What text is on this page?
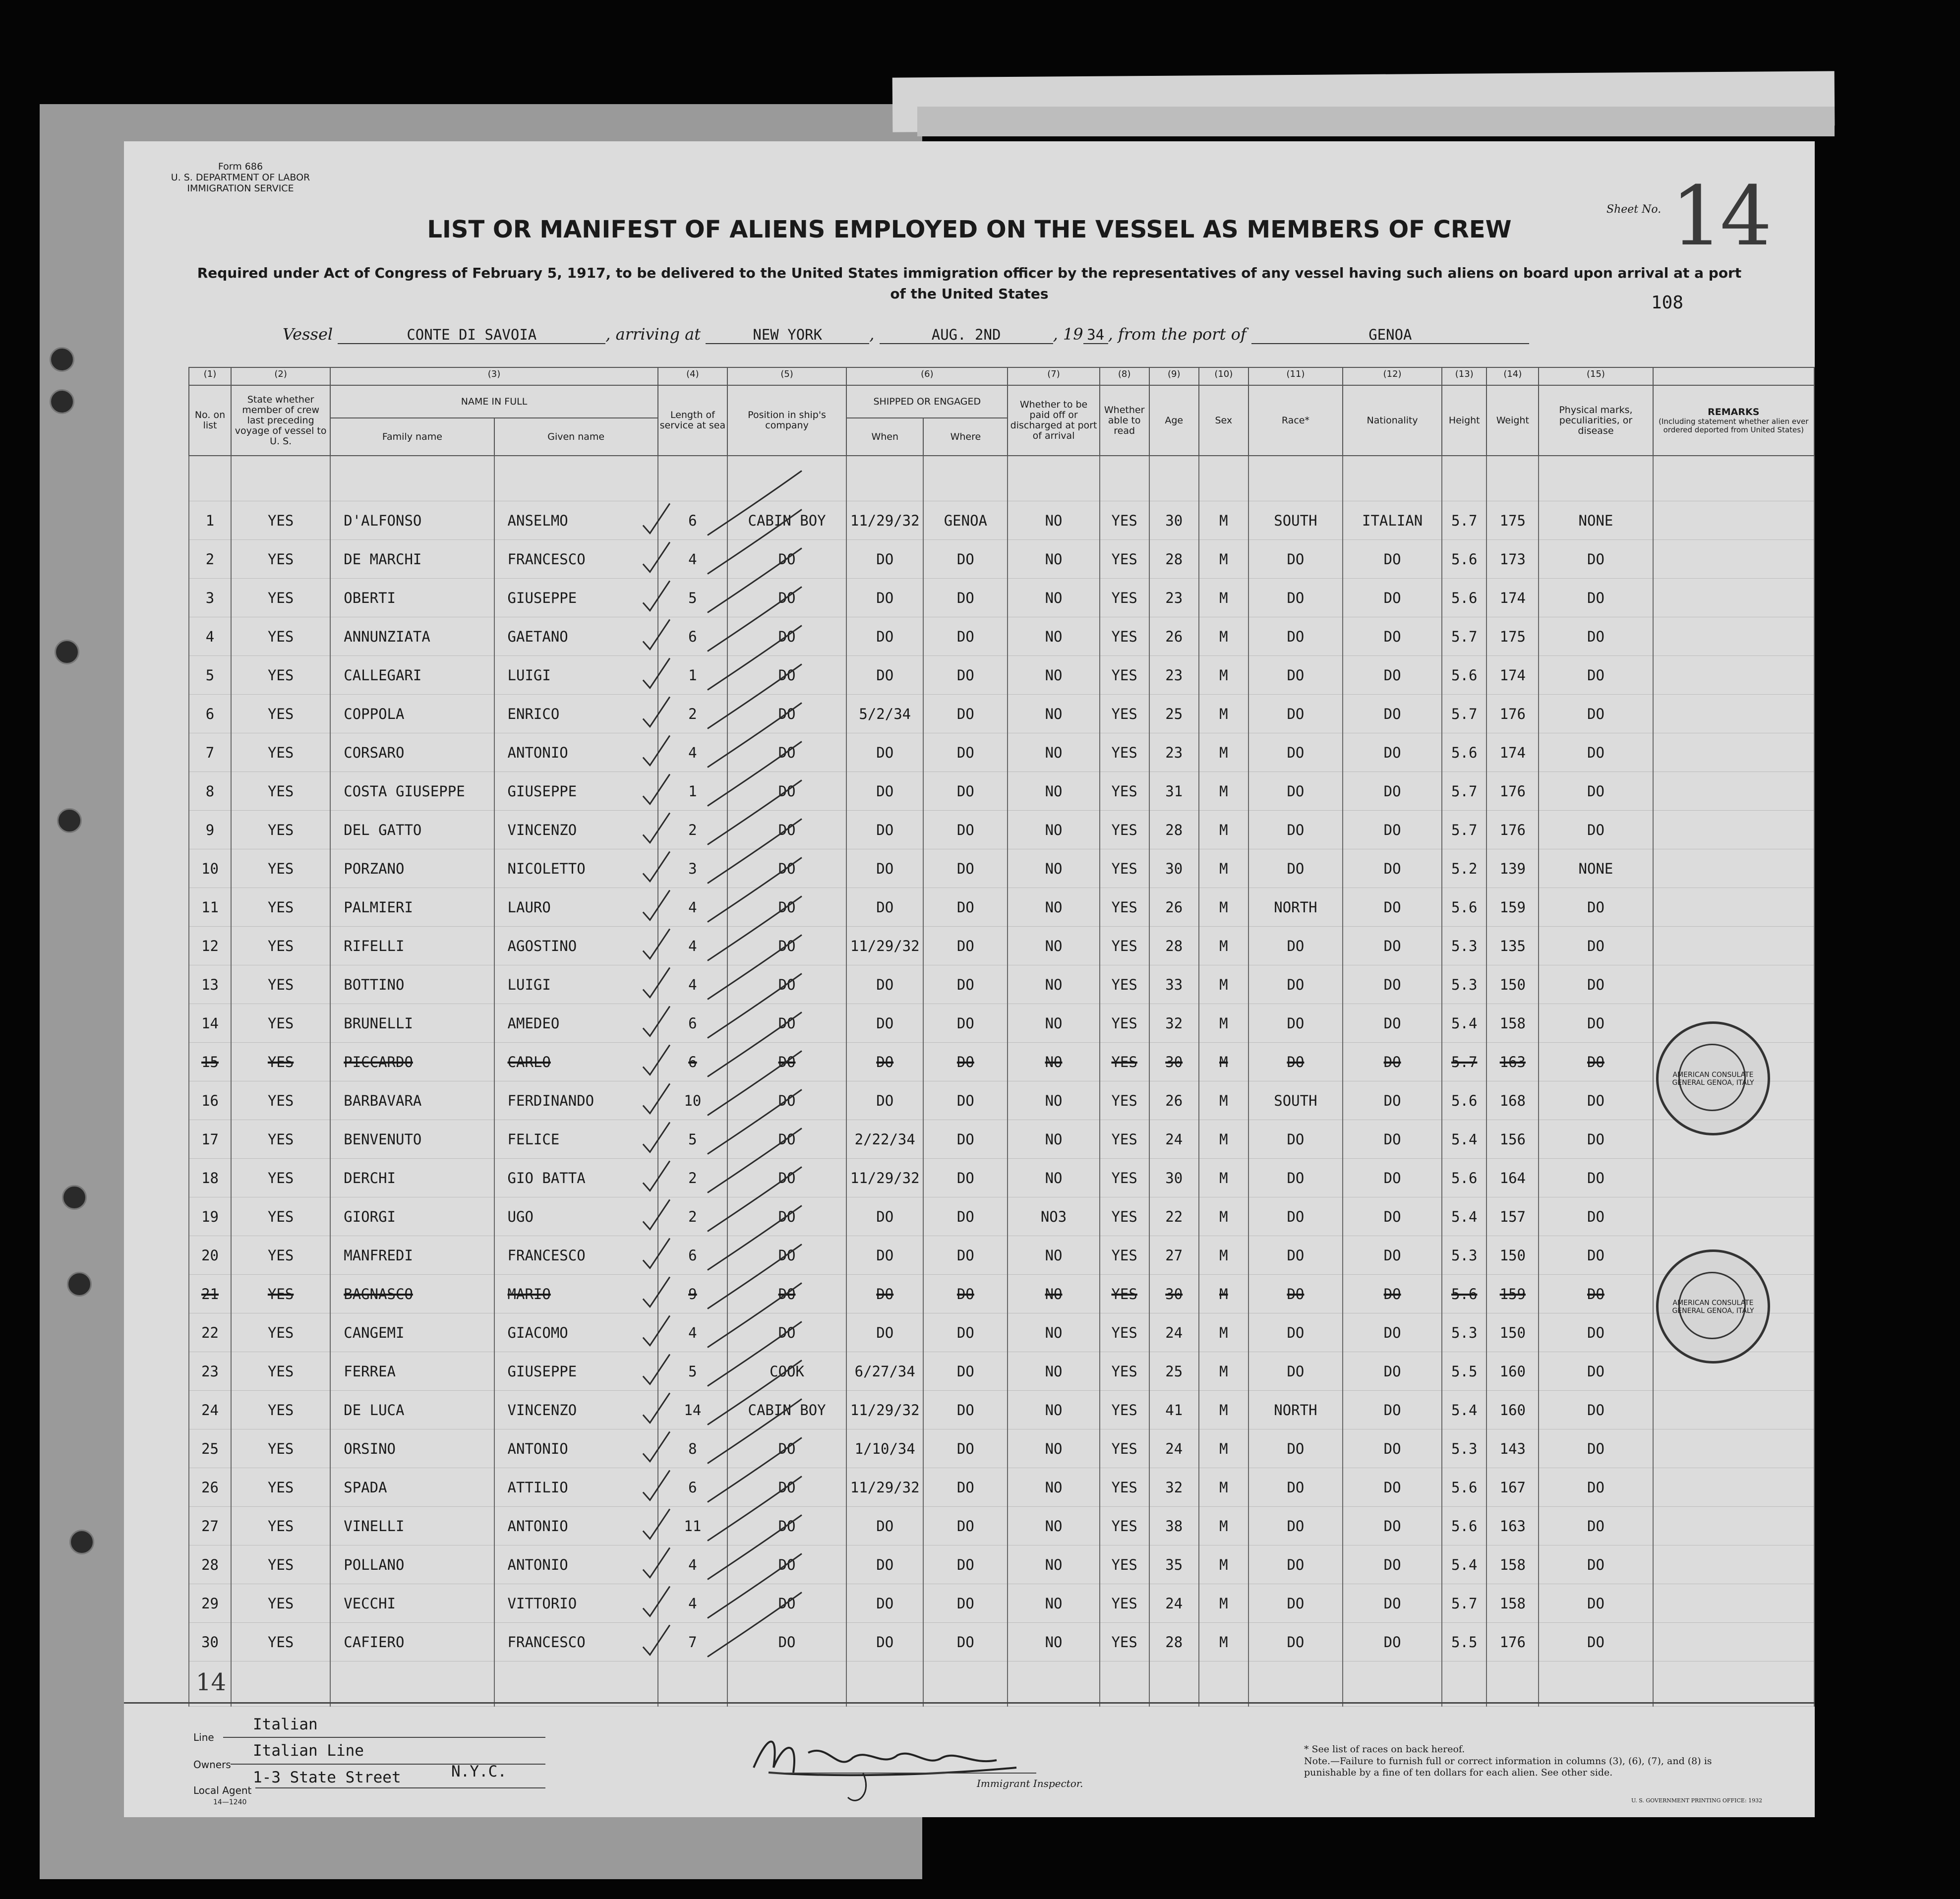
Form 686
U. S. DEPARTMENT OF LABOR
IMMIGRATION SERVICE
Sheet No. 14
LIST OR MANIFEST OF ALIENS EMPLOYED ON THE VESSEL AS MEMBERS OF CREW
Required under Act of Congress of February 5, 1917, to be delivered to the United States immigration officer by the representatives of any vessel having such aliens on board upon arrival at a port of the United States	108
Vessel	CONTE DI SAVOIA	, arriving at	NEW YORK	,	AUG. 2ND	, 19 34 , from the port of	GENOA
(1)	(2)	(3)		(4)	(5)	(6)		(7)	(8)	(9)	(10)	(11)	(12)	(13)	(14)	(15)	
No. on list	State whether member of crew last preceding voyage of vessel to U. S.	NAME IN FULL		Length of service at sea	Position in ship's company	SHIPPED OR ENGAGED		Whether to be paid off or discharged at port of arrival	Whether able to read	Age	Sex	Race*	Nationality	Height	Weight	Physical marks, peculiarities, or disease	REMARKS
(Including statement whether alien ever ordered deported from United States)

		Family name	Given name			When	Where										

1	YES	D'ALFONSO	ANSELMO	6	CABIN BOY	11/29/32	GENOA	NO	YES	30	M	SOUTH	ITALIAN	5.7	175	NONE	
2	YES	DE MARCHI	FRANCESCO	4	DO	DO	DO	NO	YES	28	M	DO	DO	5.6	173	DO	
3	YES	OBERTI	GIUSEPPE	5	DO	DO	DO	NO	YES	23	M	DO	DO	5.6	174	DO	
4	YES	ANNUNZIATA	GAETANO	6	DO	DO	DO	NO	YES	26	M	DO	DO	5.7	175	DO	
5	YES	CALLEGARI	LUIGI	1	DO	DO	DO	NO	YES	23	M	DO	DO	5.6	174	DO	
6	YES	COPPOLA	ENRICO	2	DO	5/2/34	DO	NO	YES	25	M	DO	DO	5.7	176	DO	
7	YES	CORSARO	ANTONIO	4	DO	DO	DO	NO	YES	23	M	DO	DO	5.6	174	DO	
8	YES	COSTA GIUSEPPE	GIUSEPPE	1	DO	DO	DO	NO	YES	31	M	DO	DO	5.7	176	DO	
9	YES	DEL GATTO	VINCENZO	2	DO	DO	DO	NO	YES	28	M	DO	DO	5.7	176	DO	
10	YES	PORZANO	NICOLETTO	3	DO	DO	DO	NO	YES	30	M	DO	DO	5.2	139	NONE	
11	YES	PALMIERI	LAURO	4	DO	DO	DO	NO	YES	26	M	NORTH	DO	5.6	159	DO	
12	YES	RIFELLI	AGOSTINO	4	DO	11/29/32	DO	NO	YES	28	M	DO	DO	5.3	135	DO	
13	YES	BOTTINO	LUIGI	4	DO	DO	DO	NO	YES	33	M	DO	DO	5.3	150	DO	
14	YES	BRUNELLI	AMEDEO	6	DO	DO	DO	NO	YES	32	M	DO	DO	5.4	158	DO	
15	YES	PICCARDO	CARLO	6	DO	DO	DO	NO	YES	30	M	DO	DO	5.7	163	DO	
16	YES	BARBAVARA	FERDINANDO	10	DO	DO	DO	NO	YES	26	M	SOUTH	DO	5.6	168	DO	
17	YES	BENVENUTO	FELICE	5	DO	2/22/34	DO	NO	YES	24	M	DO	DO	5.4	156	DO	
18	YES	DERCHI	GIO BATTA	2	DO	11/29/32	DO	NO	YES	30	M	DO	DO	5.6	164	DO	
19	YES	GIORGI	UGO	2	DO	DO	DO	NO3	YES	22	M	DO	DO	5.4	157	DO	
20	YES	MANFREDI	FRANCESCO	6	DO	DO	DO	NO	YES	27	M	DO	DO	5.3	150	DO	
21	YES	BAGNASCO	MARIO	9	DO	DO	DO	NO	YES	30	M	DO	DO	5.6	159	DO	
22	YES	CANGEMI	GIACOMO	4	DO	DO	DO	NO	YES	24	M	DO	DO	5.3	150	DO	
23	YES	FERREA	GIUSEPPE	5	COOK	6/27/34	DO	NO	YES	25	M	DO	DO	5.5	160	DO	
24	YES	DE LUCA	VINCENZO	14	CABIN BOY	11/29/32	DO	NO	YES	41	M	NORTH	DO	5.4	160	DO	
25	YES	ORSINO	ANTONIO	8	DO	1/10/34	DO	NO	YES	24	M	DO	DO	5.3	143	DO	
26	YES	SPADA	ATTILIO	6	DO	11/29/32	DO	NO	YES	32	M	DO	DO	5.6	167	DO	
27	YES	VINELLI	ANTONIO	11	DO	DO	DO	NO	YES	38	M	DO	DO	5.6	163	DO	
28	YES	POLLANO	ANTONIO	4	DO	DO	DO	NO	YES	35	M	DO	DO	5.4	158	DO	
29	YES	VECCHI	VITTORIO	4	DO	DO	DO	NO	YES	24	M	DO	DO	5.7	158	DO	
30	YES	CAFIERO	FRANCESCO	7	DO	DO	DO	NO	YES	28	M	DO	DO	5.5	176	DO	

AMERICAN CONSULATE GENERAL GENOA, ITALY
AMERICAN CONSULATE GENERAL GENOA, ITALY
14
Line
Italian
Owners
Italian Line
Local Agent
1-3 State Street	N.Y.C.
14—1240
Immigrant Inspector.
* See list of races on back hereof.
Note.—Failure to furnish full or correct information in columns (3), (6), (7), and (8) is punishable by a fine of ten dollars for each alien. See other side.
U. S. GOVERNMENT PRINTING OFFICE: 1932
